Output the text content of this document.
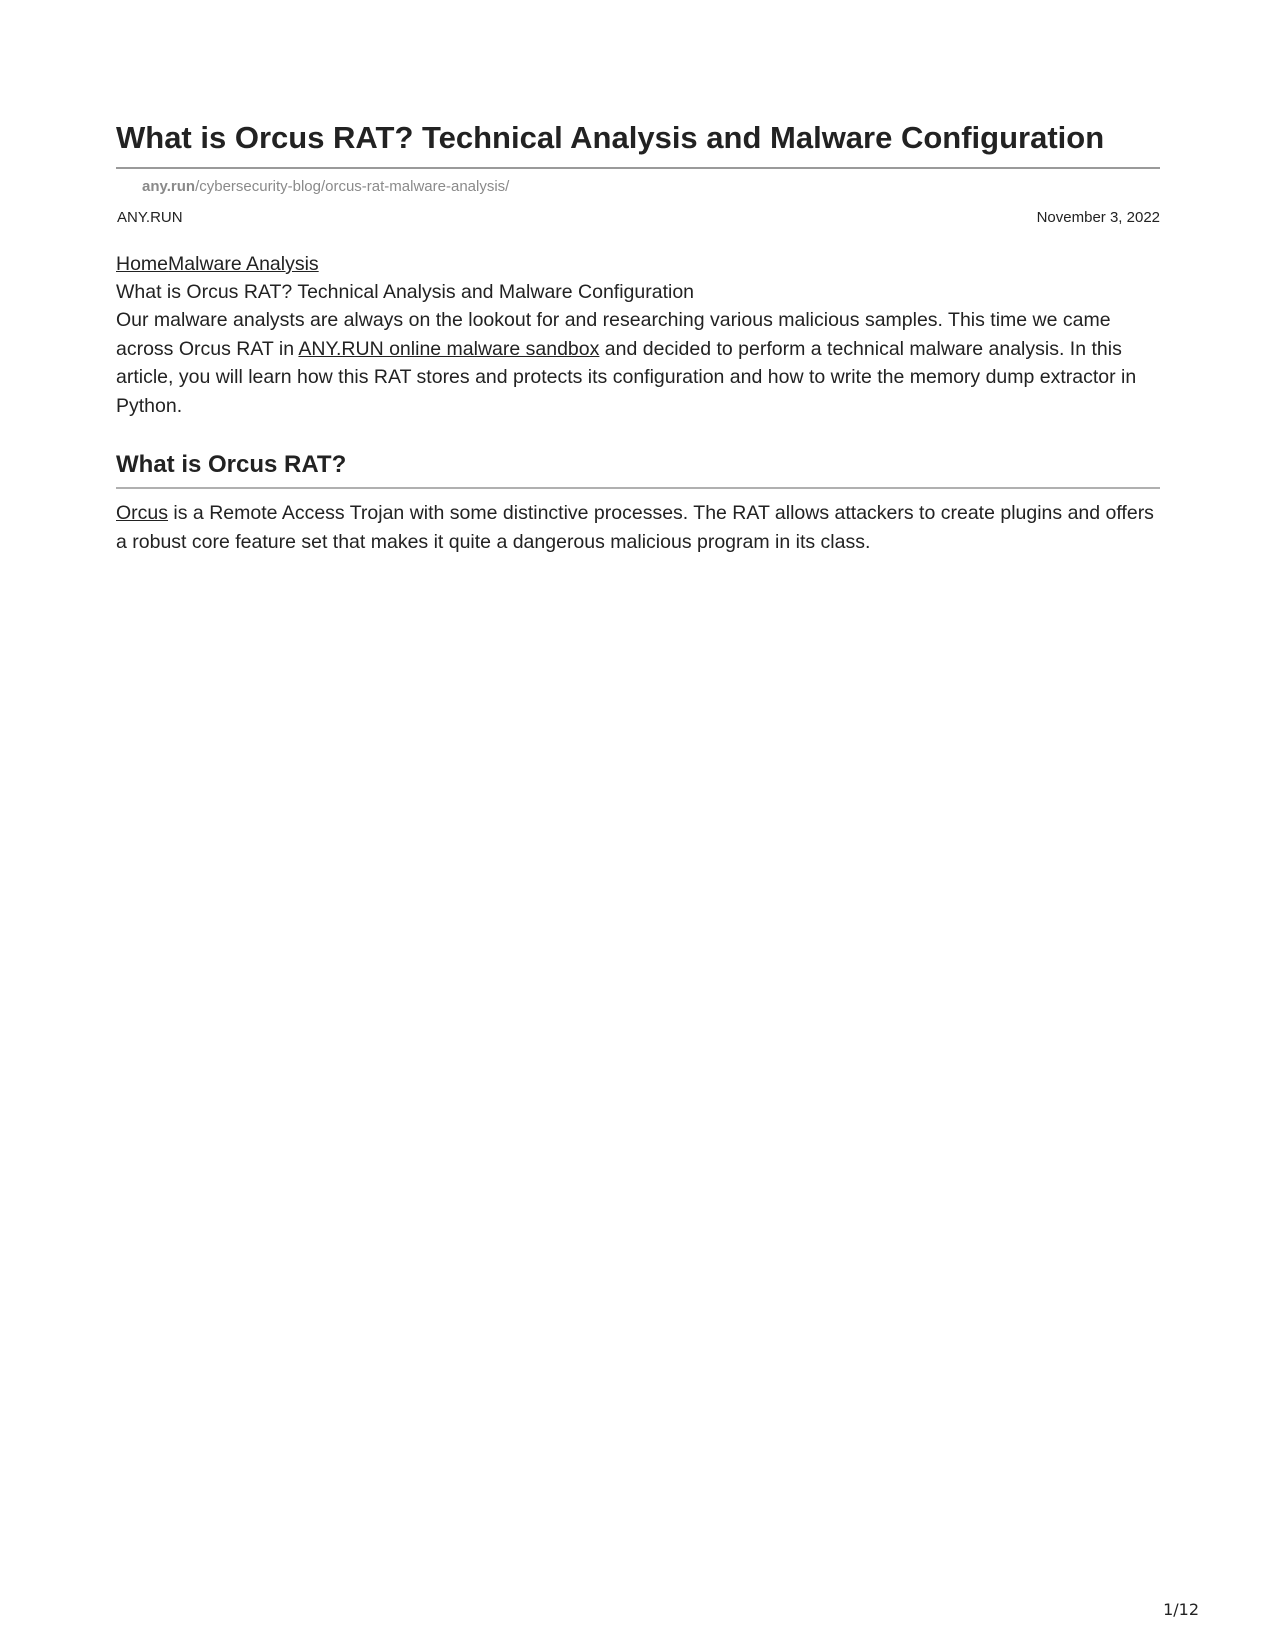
What is Orcus RAT? Technical Analysis and Malware Configuration
any.run/cybersecurity-blog/orcus-rat-malware-analysis/
ANY.RUN	November 3, 2022
HomeMalware Analysis
What is Orcus RAT? Technical Analysis and Malware Configuration

Our malware analysts are always on the lookout for and researching various malicious samples. This time we came across Orcus RAT in ANY.RUN online malware sandbox and decided to perform a technical malware analysis. In this article, you will learn how this RAT stores and protects its configuration and how to write the memory dump extractor in Python.

What is Orcus RAT?

Orcus is a Remote Access Trojan with some distinctive processes. The RAT allows attackers to create plugins and offers a robust core feature set that makes it quite a dangerous malicious program in its class.

1/12
